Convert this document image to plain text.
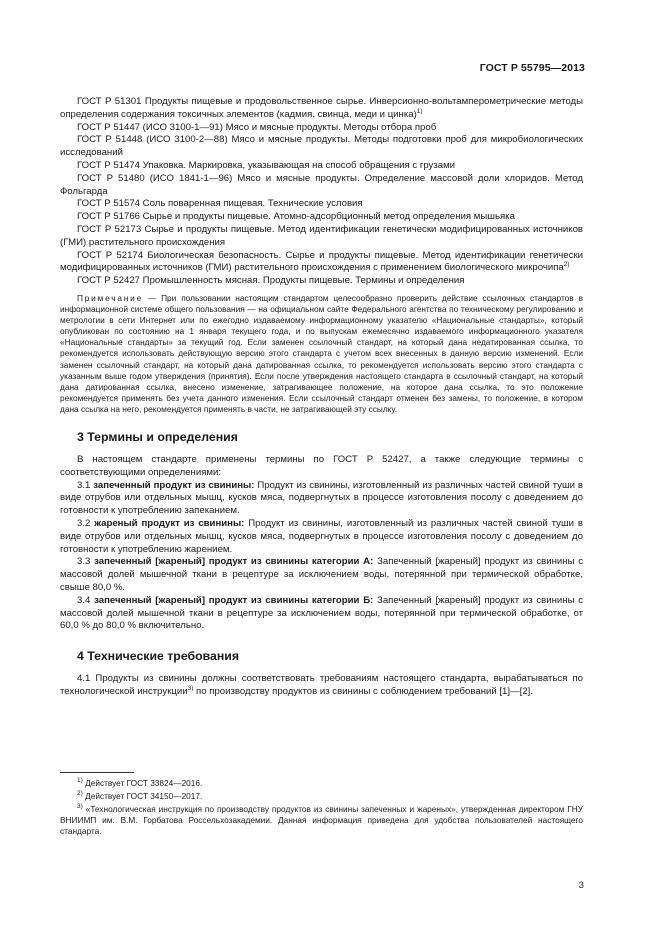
ГОСТ Р 55795—2013

ГОСТ Р 51301 Продукты пищевые и продовольственное сырье. Инверсионно-вольтамперометрические методы определения содержания токсичных элементов (кадмия, свинца, меди и цинка)$^{1)}$

ГОСТ Р 51447 (ИСО 3100-1—91) Мясо и мясные продукты. Методы отбора проб

ГОСТ Р 51448 (ИСО 3100-2—88) Мясо и мясные продукты. Методы подготовки проб для микробиологических исследований

ГОСТ Р 51474 Упаковка. Маркировка, указывающая на способ обращения с грузами

ГОСТ Р 51480 (ИСО 1841-1—96) Мясо и мясные продукты. Определение массовой доли хлоридов. Метод Фольгарда

ГОСТ Р 51574 Соль поваренная пищевая. Технические условия

ГОСТ Р 51766 Сырье и продукты пищевые. Атомно-адсорбционный метод определения мышьяка

ГОСТ Р 52173 Сырье и продукты пищевые. Метод идентификации генетически модифицированных источников (ГМИ) растительного происхождения

ГОСТ Р 52174 Биологическая безопасность. Сырье и продукты пищевые. Метод идентификации генетически модифицированных источников (ГМИ) растительного происхождения с применением биологического микрочипа$^{2)}$

ГОСТ Р 52427 Промышленность мясная. Продукты пищевые. Термины и определения

Примечание — При пользовании настоящим стандартом целесообразно проверить действие ссылочных стандартов в информационной системе общего пользования — на официальном сайте Федерального агентства по техническому регулированию и метрологии в сети Интернет или по ежегодно издаваемому информационному указателю «Национальные стандарты», который опубликован по состоянию на 1 января текущего года, и по выпускам ежемесячно издаваемого информационного указателя «Национальные стандарты» за текущий год. Если заменен ссылочный стандарт, на который дана недатированная ссылка, то рекомендуется использовать действующую версию этого стандарта с учетом всех внесенных в данную версию изменений. Если заменен ссылочный стандарт, на который дана датированная ссылка, то рекомендуется использовать версию этого стандарта с указанным выше годом утверждения (принятия). Если после утверждения настоящего стандарта в ссылочный стандарт, на который дана датированная ссылка, внесено изменение, затрагивающее положение, на которое дана ссылка, то это положение рекомендуется применять без учета данного изменения. Если ссылочный стандарт отменен без замены, то положение, в котором дана ссылка на него, рекомендуется применять в части, не затрагивающей эту ссылку.

3 Термины и определения

В настоящем стандарте применены термины по ГОСТ Р 52427, а также следующие термины с соответствующими определениями:

3.1 запеченный продукт из свинины: Продукт из свинины, изготовленный из различных частей свиной туши в виде отрубов или отдельных мышц, кусков мяса, подвергнутых в процессе изготовления посолу с доведением до готовности к употреблению запеканием.

3.2 жареный продукт из свинины: Продукт из свинины, изготовленный из различных частей свиной туши в виде отрубов или отдельных мышц, кусков мяса, подвергнутых в процессе изготовления посолу с доведением до готовности к употреблению жарением.

3.3 запеченный [жареный] продукт из свинины категории А: Запеченный [жареный] продукт из свинины с массовой долей мышечной ткани в рецептуре за исключением воды, потерянной при термической обработке, свыше 80,0 %.

3.4 запеченный [жареный] продукт из свинины категории Б: Запеченный [жареный] продукт из свинины с массовой долей мышечной ткани в рецептуре за исключением воды, потерянной при термической обработке, от 60,0 % до 80,0 % включительно.

4 Технические требования

4.1 Продукты из свинины должны соответствовать требованиям настоящего стандарта, вырабатываться по технологической инструкции$^{3)}$ по производству продуктов из свинины с соблюдением требований [1]—[2].

$^{1)}$ Действует ГОСТ 33824—2016.

$^{2)}$ Действует ГОСТ 34150—2017.

$^{3)}$ «Технологическая инструкция по производству продуктов из свинины запеченных и жареных», утвержденная директором ГНУ ВНИИМП им. В.М. Горбатова Россельхозакадемии. Данная информация приведена для удобства пользователей настоящего стандарта.

3
